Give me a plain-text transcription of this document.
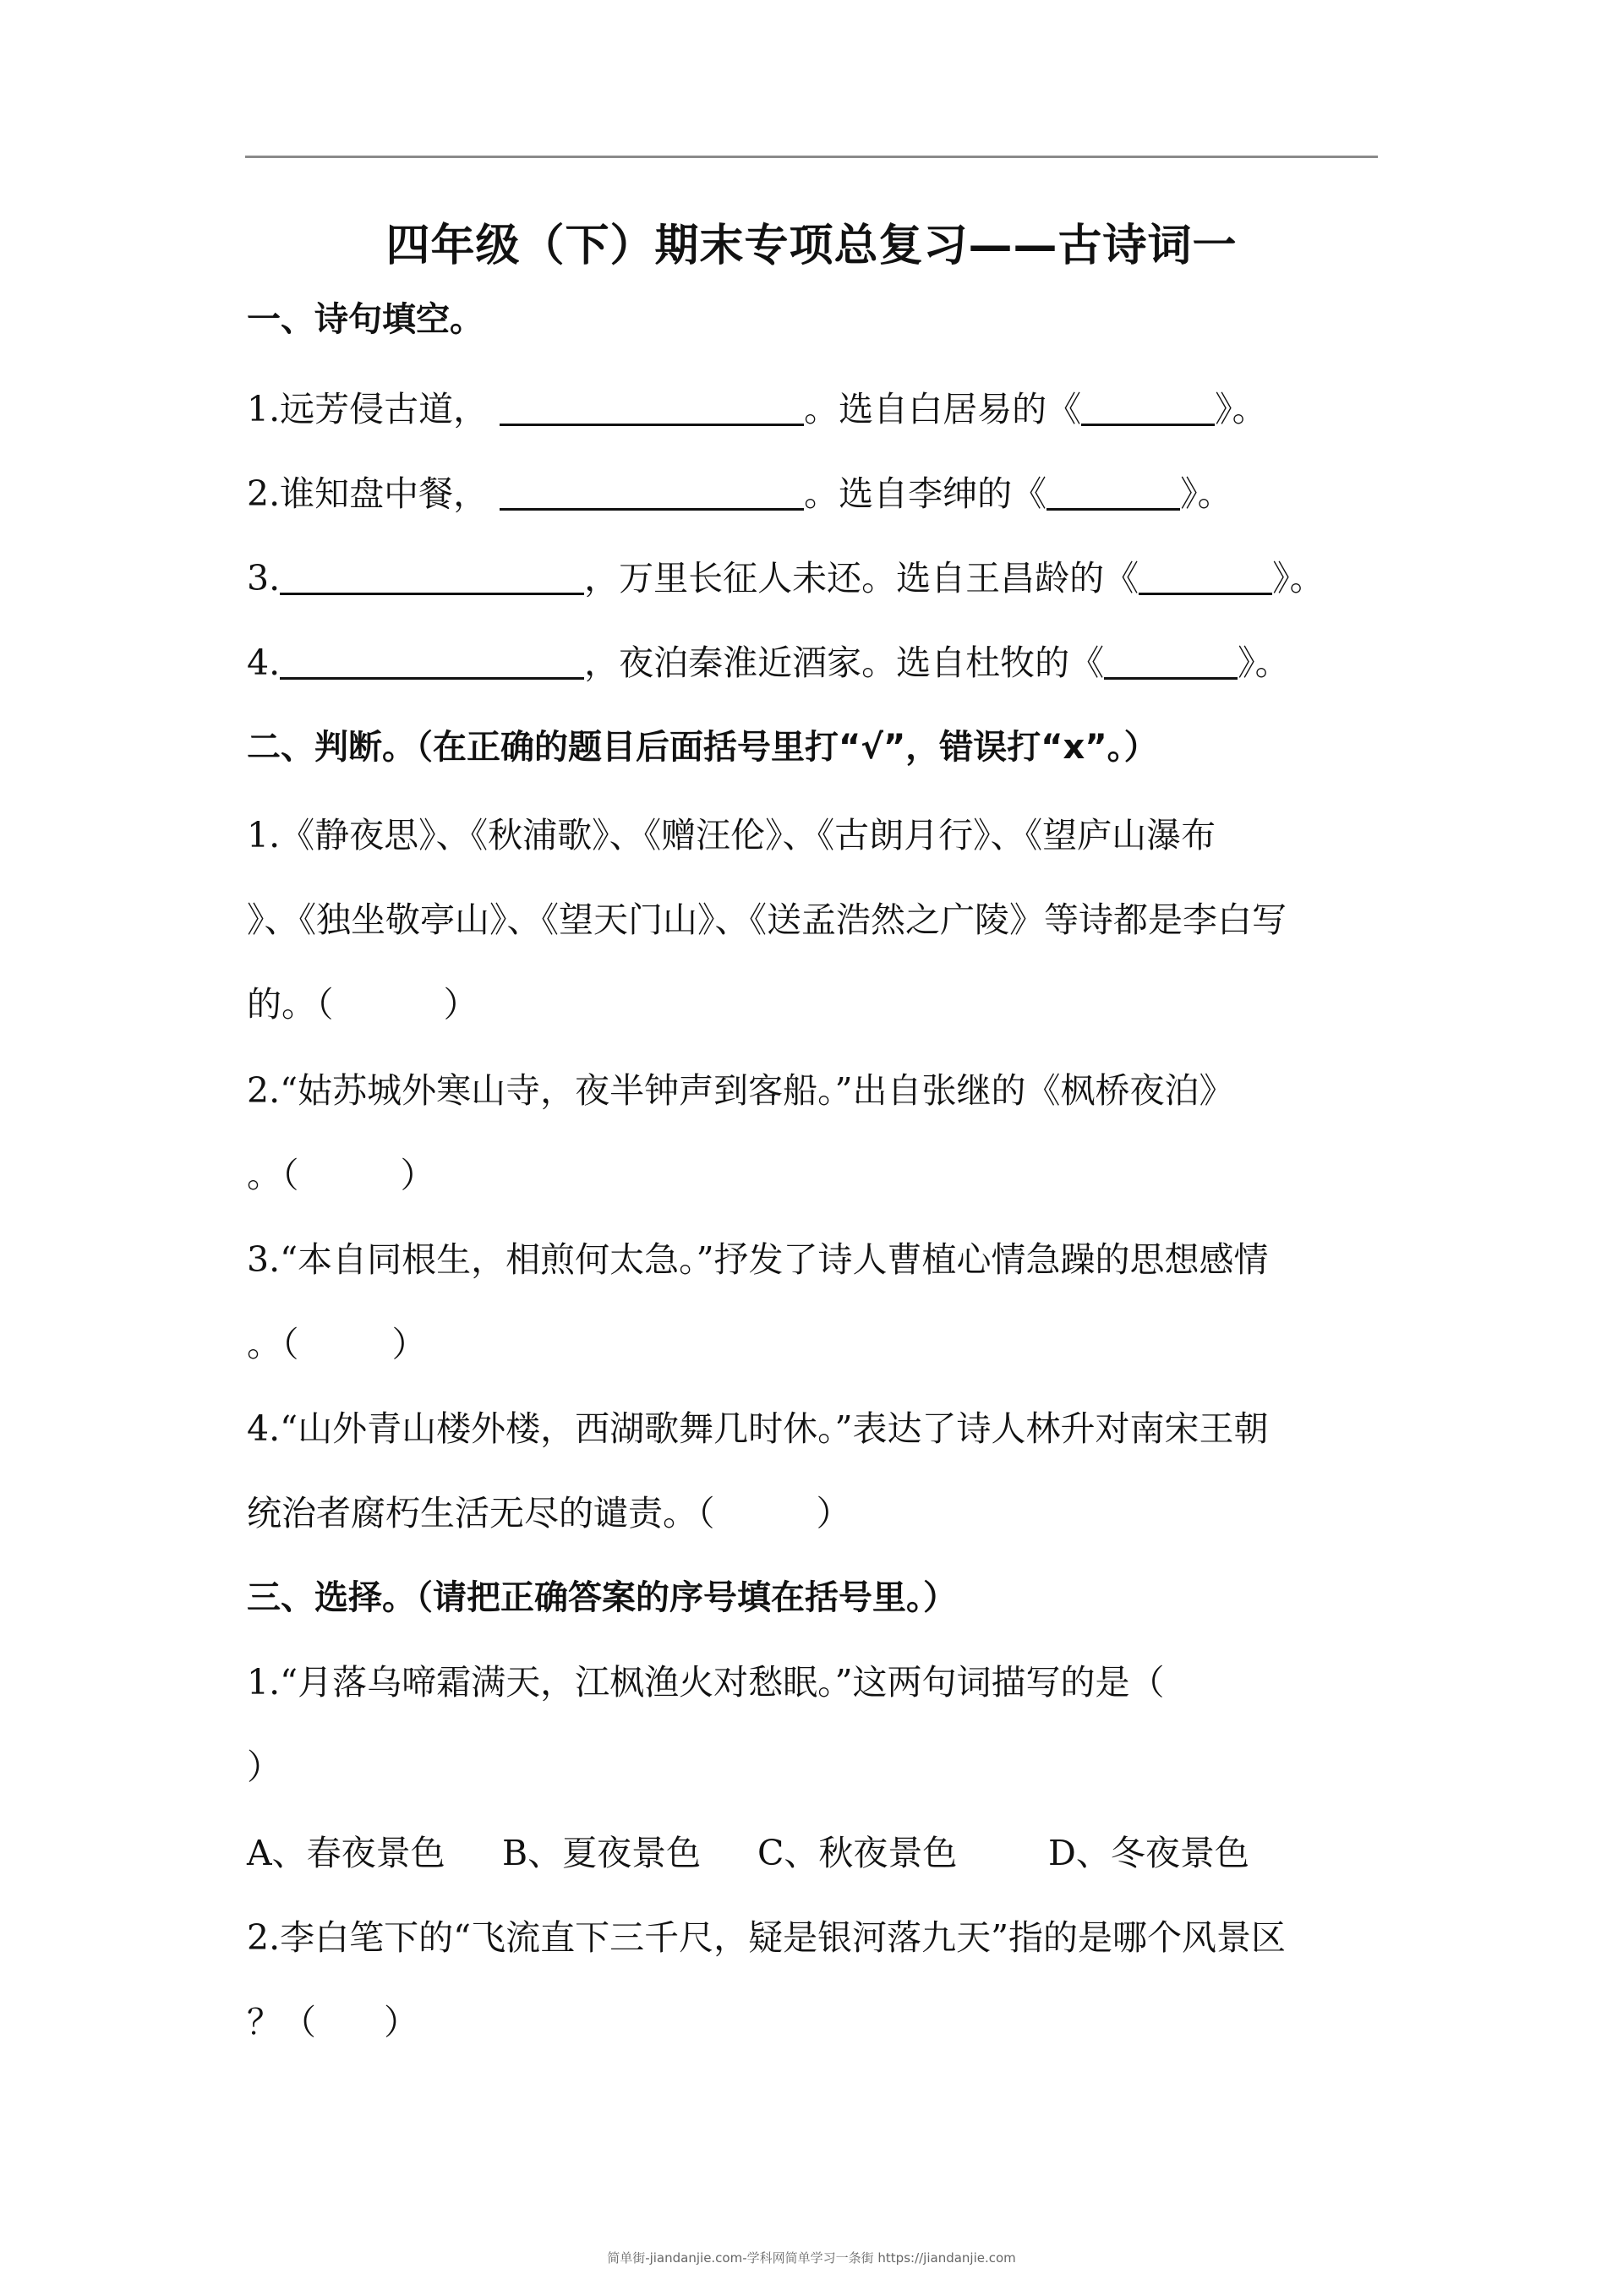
四年级（下）期末专项总复习——古诗词一
一、诗句填空。
1.远芳侵古道，	。选自白居易的《	》。
2.谁知盘中餐，	。选自李绅的《	》。
3.	，万里长征人未还。选自王昌龄的《	》。
4.	，夜泊秦淮近酒家。选自杜牧的《	》。
二、判断。（在正确的题目后面括号里打“√”，错误打“x”。）
1.《静夜思》、《秋浦歌》、《赠汪伦》、《古朗月行》、《望庐山瀑布
》、《独坐敬亭山》、《望天门山》、《送孟浩然之广陵》等诗都是李白写
的。（	）
2.“姑苏城外寒山寺，夜半钟声到客船。”出自张继的《枫桥夜泊》
。（	）
3.“本自同根生，相煎何太急。”抒发了诗人曹植心情急躁的思想感情
。（	）
4.“山外青山楼外楼，西湖歌舞几时休。”表达了诗人林升对南宋王朝
统治者腐朽生活无尽的谴责。（	）
三、选择。（请把正确答案的序号填在括号里。）
1.“月落乌啼霜满天，江枫渔火对愁眠。”这两句词描写的是（
）
A、春夜景色 B、夏夜景色 C、秋夜景色	D、冬夜景色
2.李白笔下的“飞流直下三千尺，疑是银河落九天”指的是哪个风景区
？（ ）
简单街-jiandanjie.com-学科网简单学习一条街 https://jiandanjie.com
